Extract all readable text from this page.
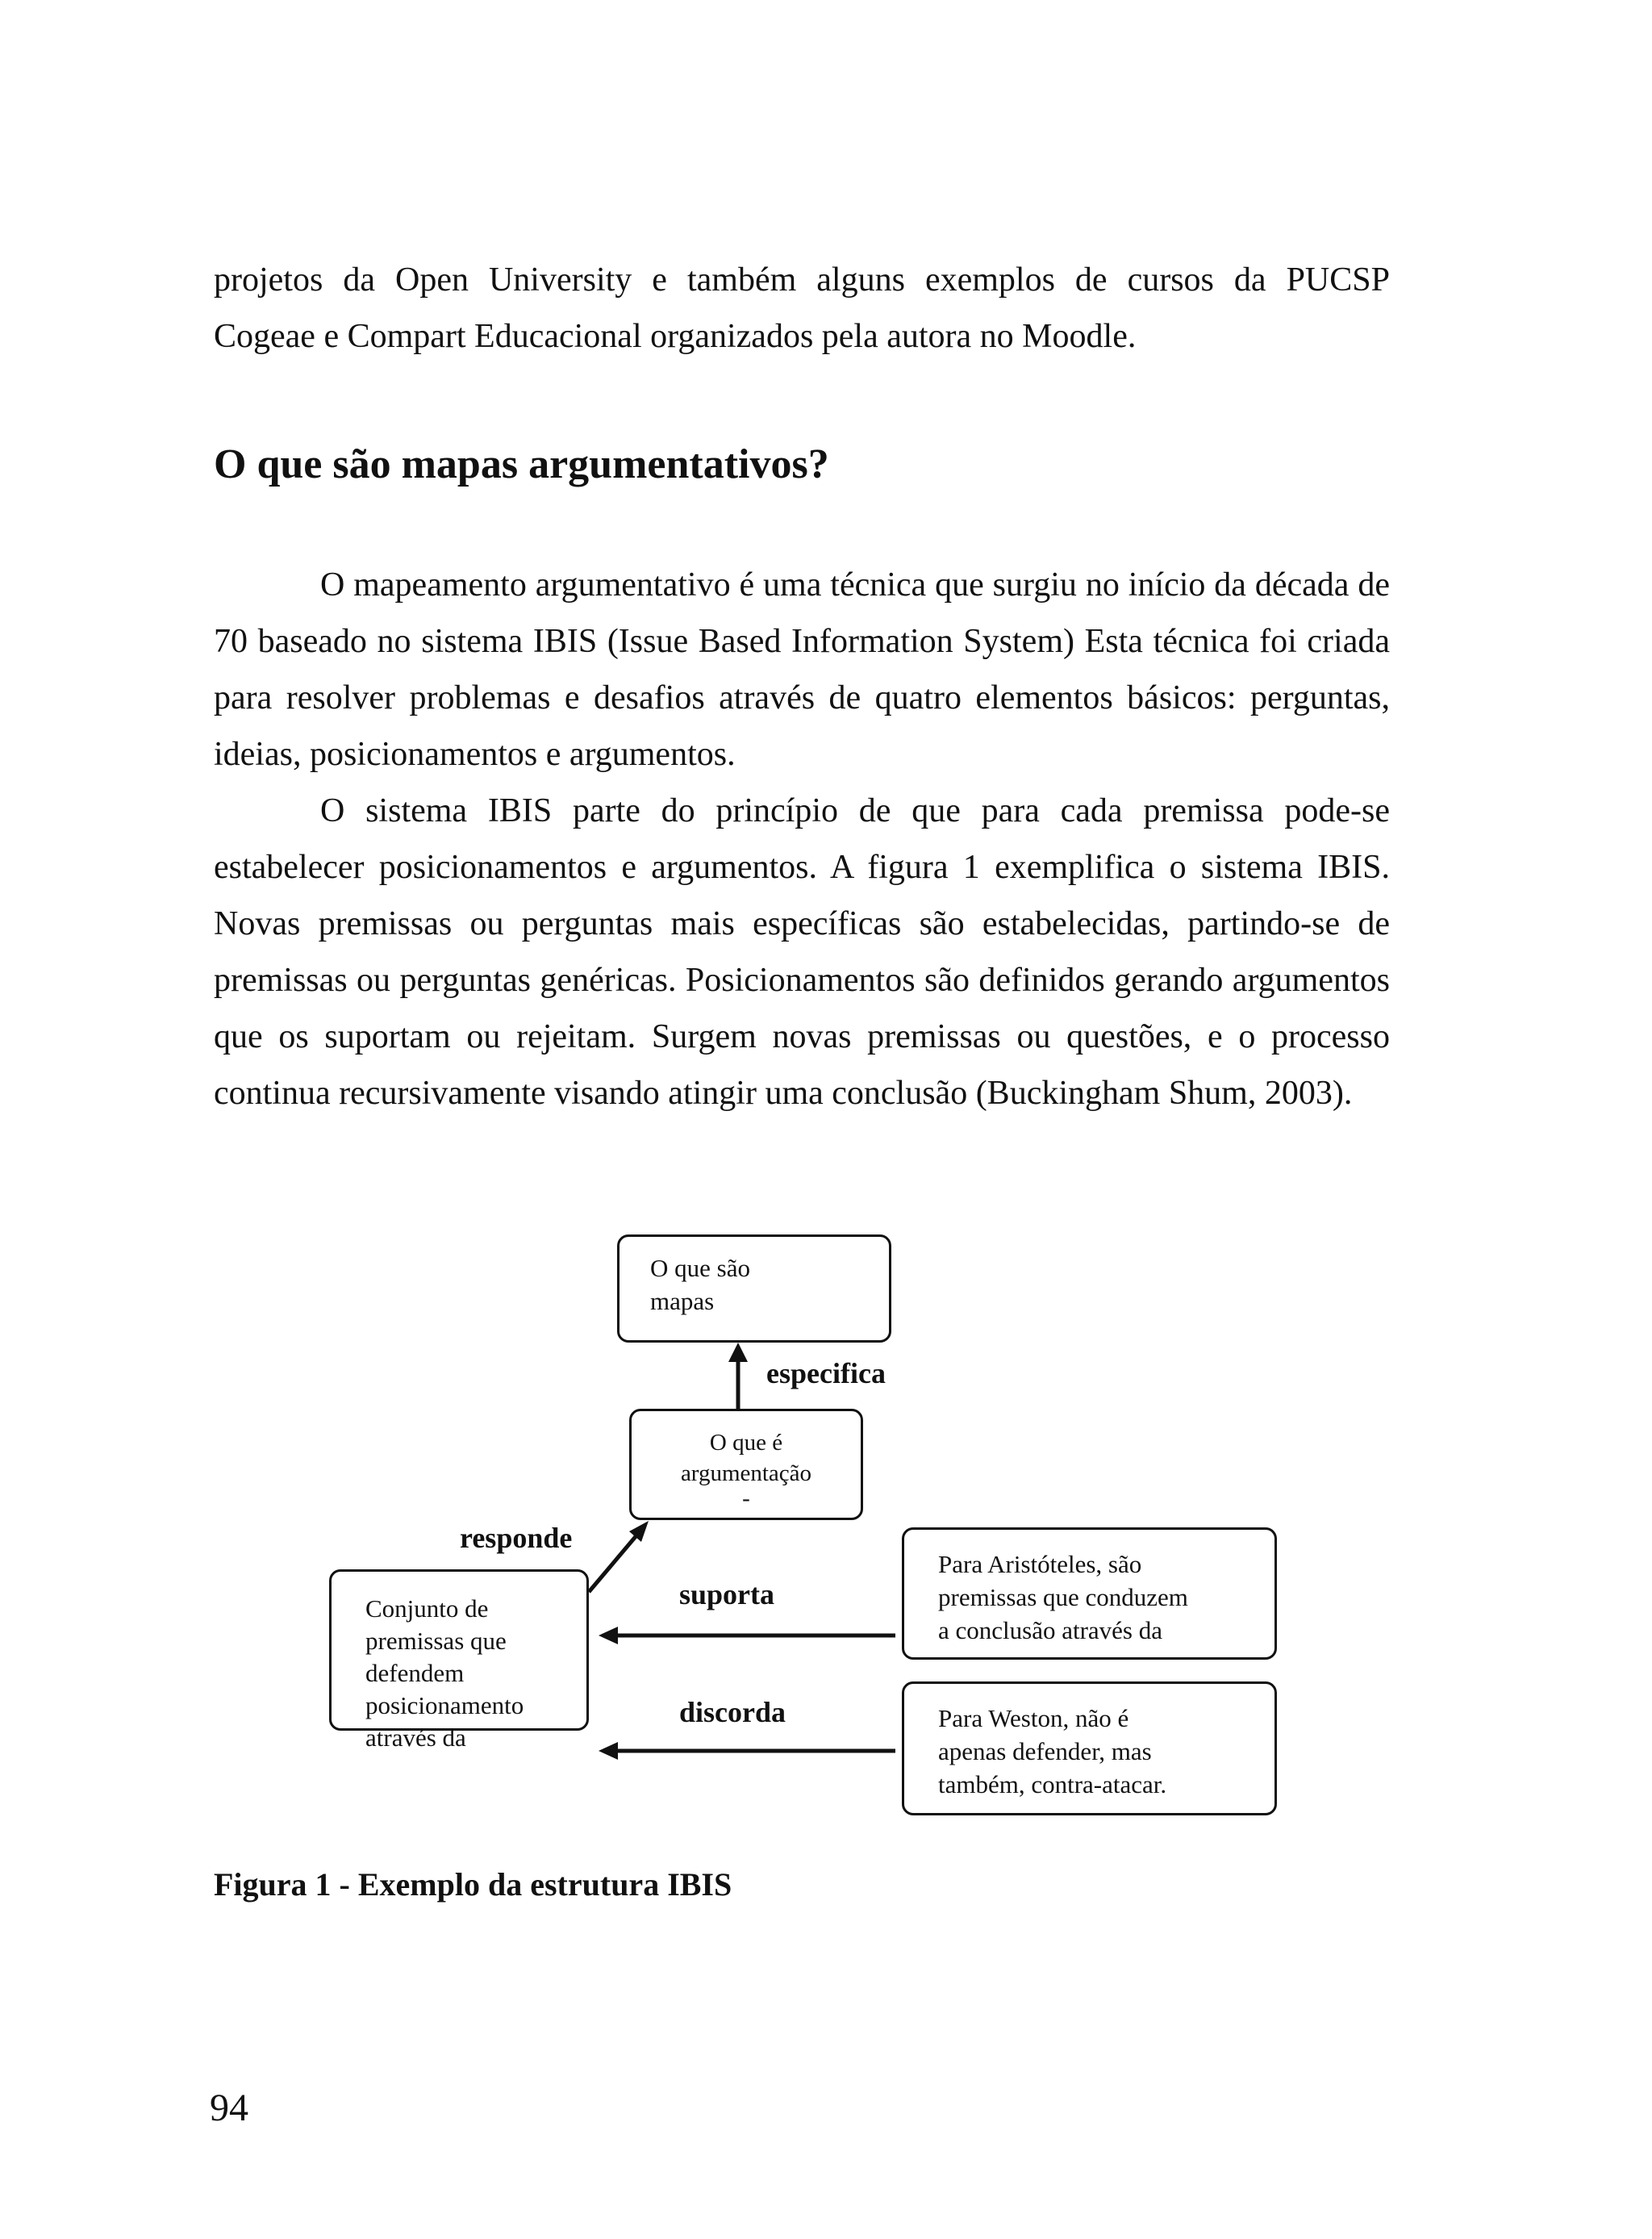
projetos da Open University e também alguns exemplos de cursos da PUCSP

Cogeae e Compart Educacional organizados pela autora no Moodle.

O que são mapas argumentativos?

O mapeamento argumentativo é uma técnica que surgiu no início da década de 70 baseado no sistema IBIS (Issue Based Information System) Esta técnica foi criada para resolver problemas e desafios através de quatro elementos básicos: perguntas, ideias, posicionamentos e argumentos.

O sistema IBIS parte do princípio de que para cada premissa pode-se estabelecer posicionamentos e argumentos. A figura 1 exemplifica o sistema IBIS. Novas premissas ou perguntas mais específicas são estabelecidas, partindo-se de premissas ou perguntas genéricas. Posicionamentos são definidos gerando argumentos que os suportam ou rejeitam. Surgem novas premissas ou questões, e o processo continua recursivamente visando atingir uma conclusão (Buckingham Shum, 2003).

O que são
mapas
especifica
O que é
argumentação
-
responde
Conjunto de
premissas que
defendem
posicionamento
através da
suporta
Para Aristóteles, são
premissas que conduzem
a conclusão através da
discorda	Para Weston, não é
apenas defender, mas
também, contra-atacar.

Figura 1 - Exemplo da estrutura IBIS

94
